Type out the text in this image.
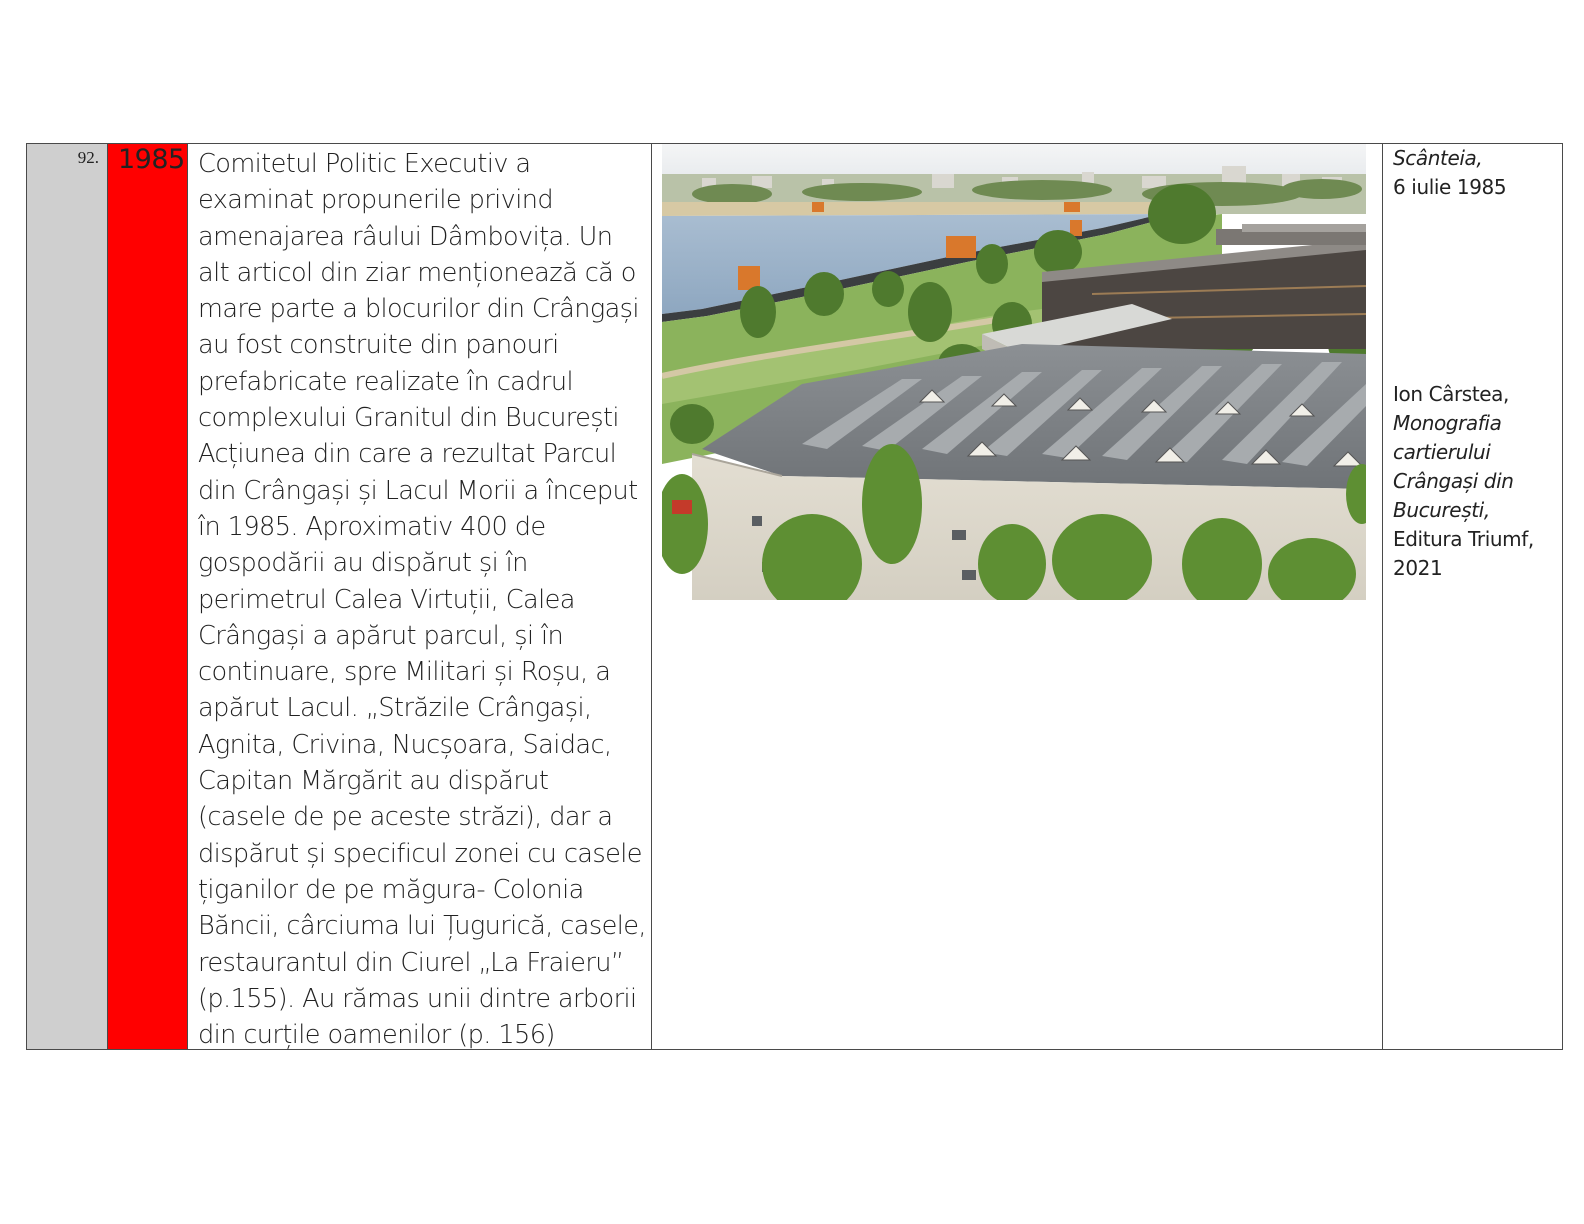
92. 1985 Comitetul Politic Executiv a
examinat propunerile privind
amenajarea râului Dâmbovița. Un
alt articol din ziar menționează că o
mare parte a blocurilor din Crângași
au fost construite din panouri
prefabricate realizate în cadrul
complexului Granitul din București
Acțiunea din care a rezultat Parcul
din Crângași și Lacul Morii a început
în 1985. Aproximativ 400 de
gospodării au dispărut și în
perimetrul Calea Virtuții, Calea
Crângași a apărut parcul, și în
continuare, spre Militari și Roșu, a
apărut Lacul. „Străzile Crângași,
Agnita, Crivina, Nucșoara, Saidac,
Capitan Mărgărit au dispărut
(casele de pe aceste străzi), dar a
dispărut și specificul zonei cu casele
țiganilor de pe măgura- Colonia
Băncii, cârciuma lui Țugurică, casele,
restaurantul din Ciurel „La Fraieru”
(p.155). Au rămas unii dintre arborii
din curțile oamenilor (p. 156)
Scânteia,
6 iulie 1985
Ion Cârstea,
Monografia
cartierului
Crângași din
București,
Editura Triumf,
2021
